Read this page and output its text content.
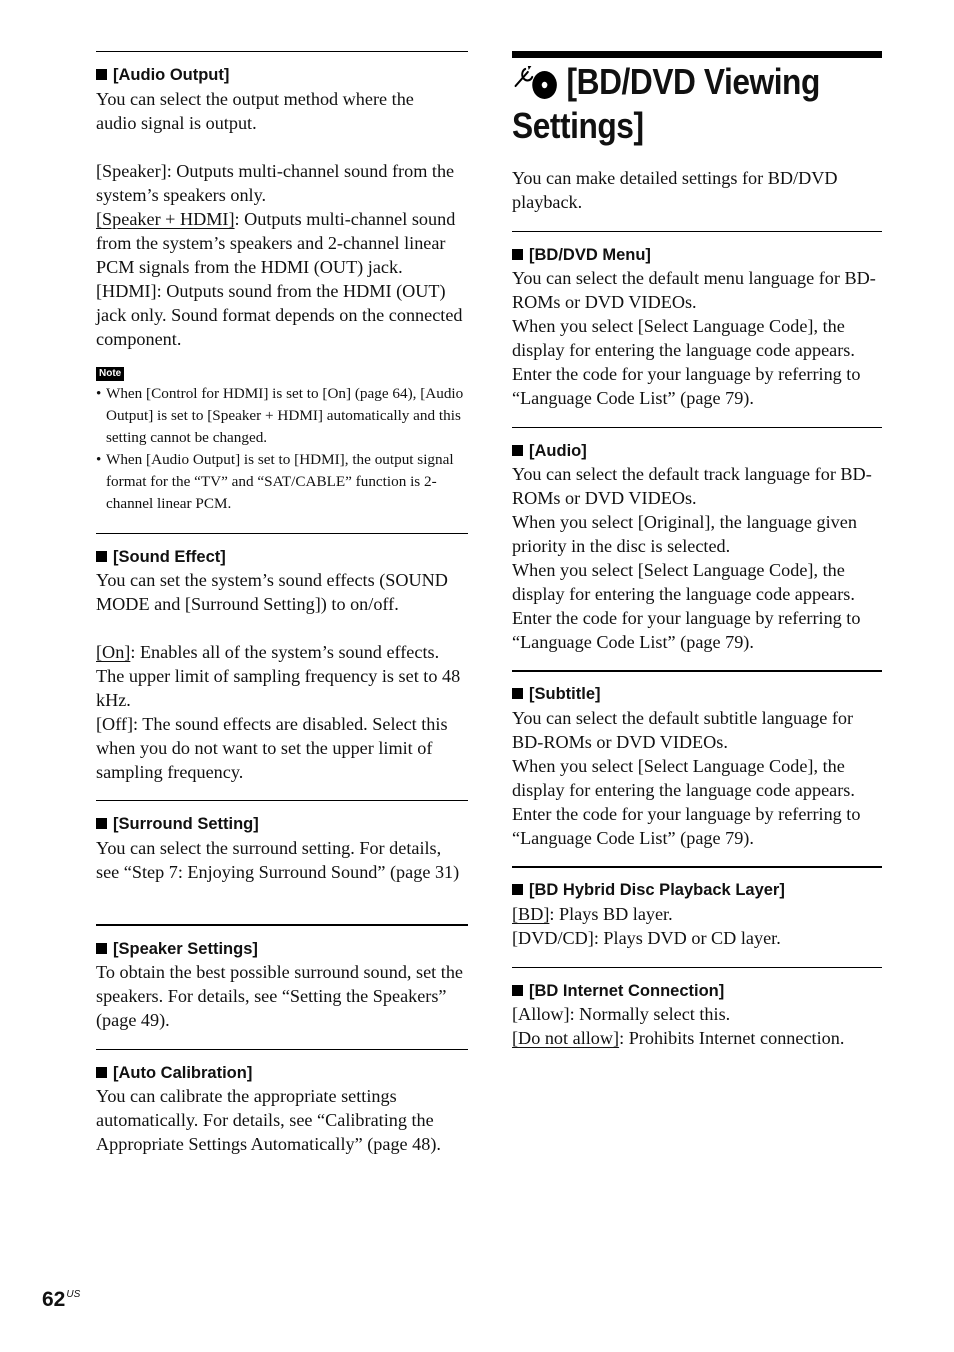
[Audio Output]

You can select the output method where the

audio signal is output.

[Speaker]: Outputs multi-channel sound from the system’s speakers only.

[Speaker + HDMI]: Outputs multi-channel sound from the system’s speakers and 2-channel linear PCM signals from the HDMI (OUT) jack.

[HDMI]: Outputs sound from the HDMI (OUT) jack only. Sound format depends on the connected component.

Note
• When [Control for HDMI] is set to [On] (page 64), [Audio Output] is set to [Speaker + HDMI] automatically and this setting cannot be changed.
• When [Audio Output] is set to [HDMI], the output signal format for the “TV” and “SAT/CABLE” function is 2-channel linear PCM.
[Sound Effect]

You can set the system’s sound effects (SOUND MODE and [Surround Setting]) to on/off.

[On]: Enables all of the system’s sound effects. The upper limit of sampling frequency is set to 48 kHz.

[Off]: The sound effects are disabled. Select this when you do not want to set the upper limit of sampling frequency.

[Surround Setting]

You can select the surround setting. For details, see “Step 7: Enjoying Surround Sound” (page 31)

[Speaker Settings]

To obtain the best possible surround sound, set the speakers. For details, see “Setting the Speakers” (page 49).

[Auto Calibration]

You can calibrate the appropriate settings automatically. For details, see “Calibrating the Appropriate Settings Automatically” (page 48).

[BD/DVD Viewing
Settings]

You can make detailed settings for BD/DVD playback.

[BD/DVD Menu]

You can select the default menu language for BD-ROMs or DVD VIDEOs.

When you select [Select Language Code], the display for entering the language code appears. Enter the code for your language by referring to “Language Code List” (page 79).

[Audio]

You can select the default track language for BD-ROMs or DVD VIDEOs.

When you select [Original], the language given priority in the disc is selected.

When you select [Select Language Code], the display for entering the language code appears. Enter the code for your language by referring to “Language Code List” (page 79).

[Subtitle]

You can select the default subtitle language for BD-ROMs or DVD VIDEOs.

When you select [Select Language Code], the display for entering the language code appears. Enter the code for your language by referring to “Language Code List” (page 79).

[BD Hybrid Disc Playback Layer]

[BD]: Plays BD layer.

[DVD/CD]: Plays DVD or CD layer.

[BD Internet Connection]

[Allow]: Normally select this.

[Do not allow]: Prohibits Internet connection.

$62^{US}$
